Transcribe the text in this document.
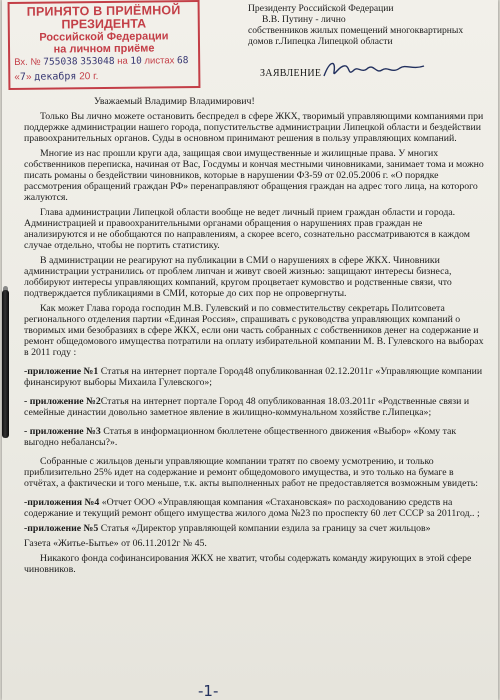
ПРИНЯТО В ПРИЁМНОЙ
ПРЕЗИДЕНТА
Российской Федерации
на личном приёме
Вх. № 755038 353048 на 10 листах 68
«7» декабря 20 г.
Президенту Российской Федерации
В.В. Путину - лично
собственников жилых помещений многоквартирных
домов г.Липецка Липецкой области
ЗАЯВЛЕНИЕ

Уважаемый Владимир Владимирович!

Только Вы лично можете остановить беспредел в сфере ЖКХ, творимый управляющими компаниями при поддержке администрации нашего города, попустительстве администрации Липецкой области и бездействии правоохранительных органов. Суды в основном принимают решения в пользу управляющих компаний.

Многие из нас прошли круги ада, защищая свои имущественные и жилищные права. У многих собственников переписка, начиная от Вас, Госдумы и кончая местными чиновниками, занимает тома и можно писать романы о бездействии чиновников, которые в нарушении ФЗ-59 от 02.05.2006 г. «О порядке рассмотрения обращений граждан РФ» перенаправляют обращения граждан на адрес того лица, на которого жалуются.

Глава администрации Липецкой области вообще не ведет личный прием граждан области и города. Администрацией и правоохранительными органами обращения о нарушениях прав граждан не анализируются и не обобщаются по направлениям, а скорее всего, сознательно рассматриваются в каждом случае отдельно, чтобы не портить статистику.

В администрации не реагируют на публикации в СМИ о нарушениях в сфере ЖКХ. Чиновники администрации устранились от проблем липчан и живут своей жизнью: защищают интересы бизнеса, лоббируют интересы управляющих компаний, кругом процветает кумовство и родственные связи, что подтверждается публикациями в СМИ, которые до сих пор не опровергнуты.

Как может Глава города господин М.В. Гулевский и по совместительству секретарь Политсовета регионального отделения партии «Единая Россия», спрашивать с руководства управляющих компаний о творимых ими безобразиях в сфере ЖКХ, если они часть собранных с собственников денег на содержание и ремонт общедомового имущества потратили на оплату избирательной компании М. В. Гулевского на выборах в 2011 году :

-приложение №1 Статья на интернет портале Город48 опубликованная 02.12.2011г «Управляющие компании финансируют выборы Михаила Гулевского»;

- приложение №2Статья на интернет портале Город 48 опубликованная 18.03.2011г «Родственные связи и семейные династии довольно заметное явление в жилищно-коммунальном хозяйстве г.Липецка»;

- приложение №3 Статья в информационном бюллетене общественного движения «Выбор» «Кому так выгодно небалансы?».

Собранные с жильцов деньги управляющие компании тратят по своему усмотрению, и только приблизительно 25% идет на содержание и ремонт общедомового имущества, и это только на бумаге в отчётах, а фактически и того меньше, т.к. акты выполненных работ не предоставляется возможным увидеть:

-приложения №4 «Отчет ООО «Управляющая компания «Стахановская» по расходованию средств на содержание и текущий ремонт общего имущества жилого дома №23 по проспекту 60 лет СССР за 2011год.. ;

-приложение №5 Статья «Директор управляющей компании ездила за границу за счет жильцов»

Газета «Житье-Бытье» от 06.11.2012г № 45.

Никакого фонда софинансирования ЖКХ не хватит, чтобы содержать команду жирующих в этой сфере чиновников.

-1-
